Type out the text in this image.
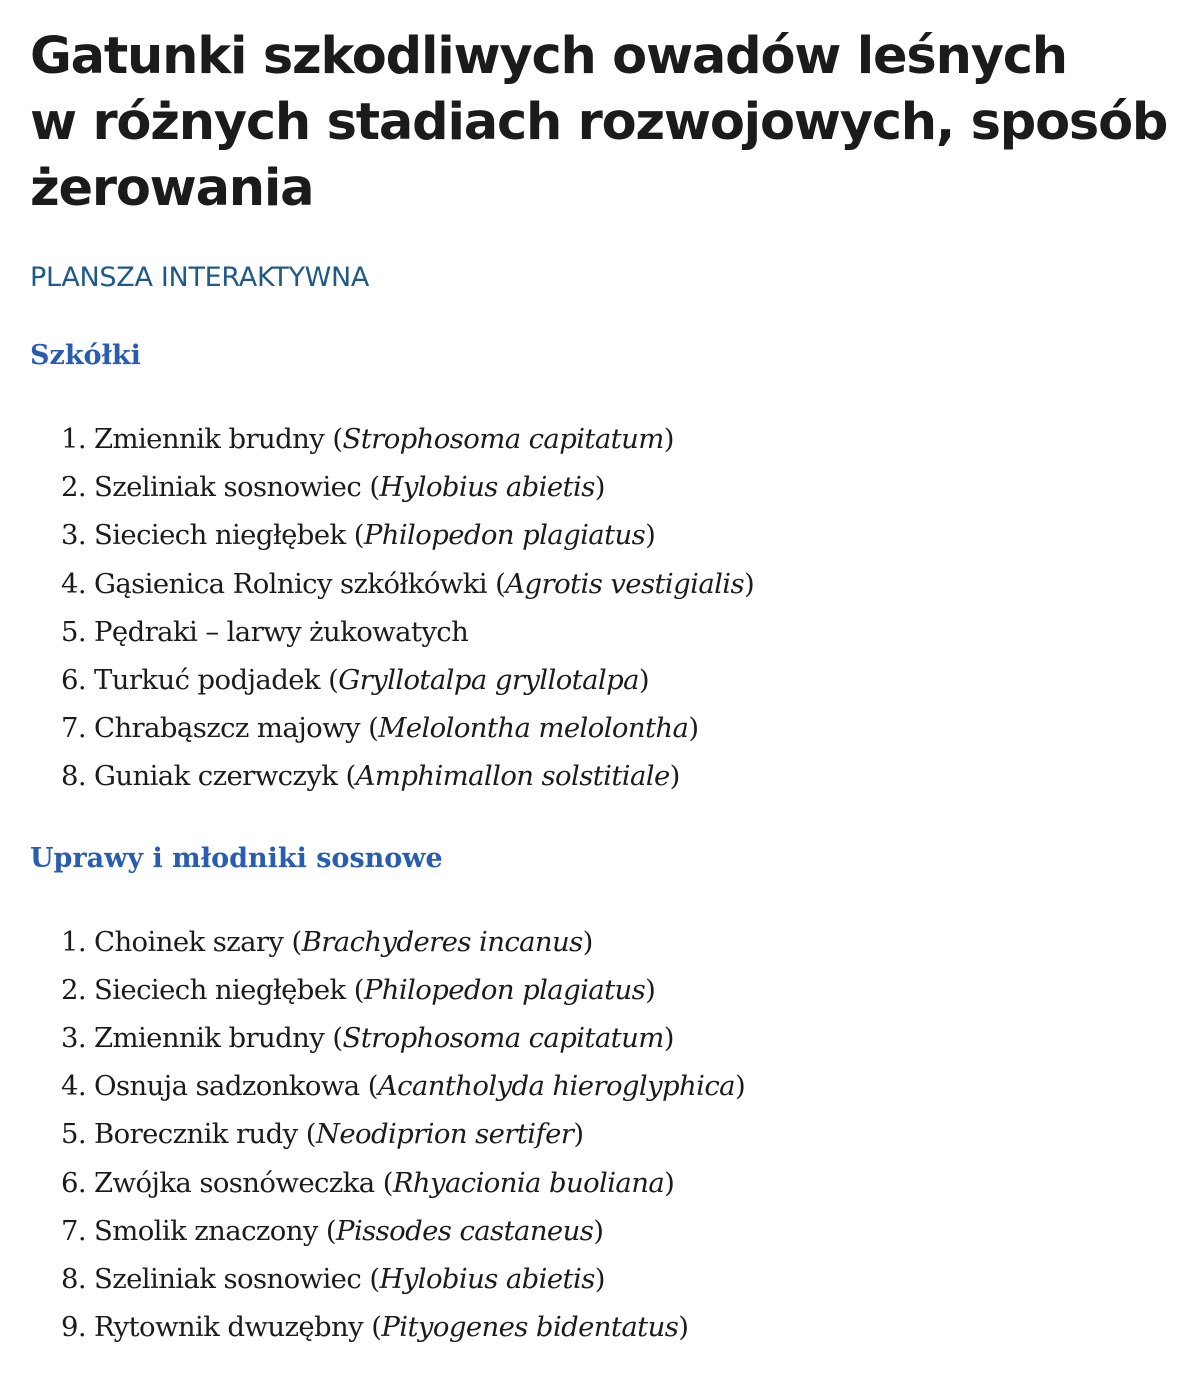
Gatunki szkodliwych owadów leśnych
w różnych stadiach rozwojowych, sposób
żerowania
PLANSZA INTERAKTYWNA
Szkółki
1. Zmiennik brudny (Strophosoma capitatum)
2. Szeliniak sosnowiec (Hylobius abietis)
3. Sieciech niegłębek (Philopedon plagiatus)
4. Gąsienica Rolnicy szkółkówki (Agrotis vestigialis)
5. Pędraki – larwy żukowatych
6. Turkuć podjadek (Gryllotalpa gryllotalpa)
7. Chrabąszcz majowy (Melolontha melolontha)
8. Guniak czerwczyk (Amphimallon solstitiale)
Uprawy i młodniki sosnowe
1. Choinek szary (Brachyderes incanus)
2. Sieciech niegłębek (Philopedon plagiatus)
3. Zmiennik brudny (Strophosoma capitatum)
4. Osnuja sadzonkowa (Acantholyda hieroglyphica)
5. Borecznik rudy (Neodiprion sertifer)
6. Zwójka sosnóweczka (Rhyacionia buoliana)
7. Smolik znaczony (Pissodes castaneus)
8. Szeliniak sosnowiec (Hylobius abietis)
9. Rytownik dwuzębny (Pityogenes bidentatus)
